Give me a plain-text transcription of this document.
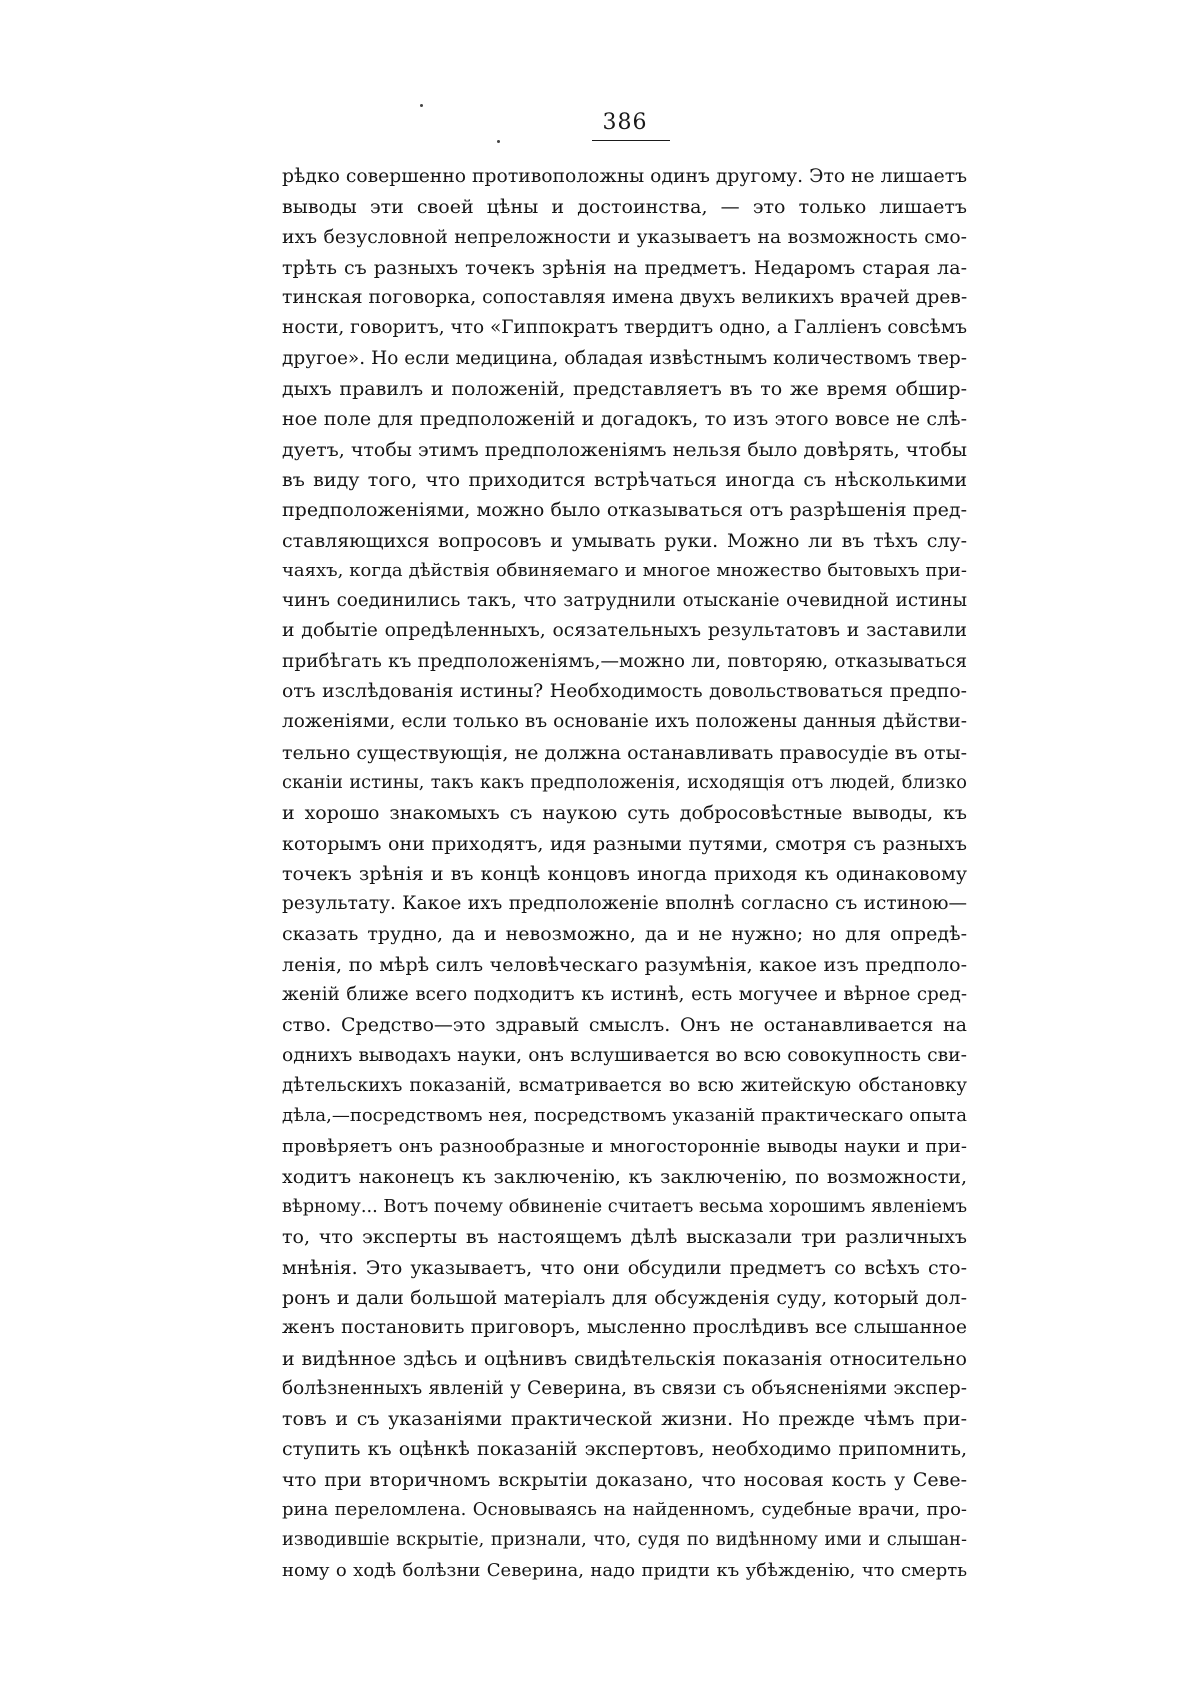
386
рѣдко совершенно противоположны одинъ другому. Это не лишаетъ
выводы эти своей цѣны и достоинства, — это только лишаетъ
ихъ безусловной непреложности и указываетъ на возможность смо-
трѣть съ разныхъ точекъ зрѣнія на предметъ. Недаромъ старая ла-
тинская поговорка, сопоставляя имена двухъ великихъ врачей древ-
ности, говоритъ, что «Гиппократъ твердитъ одно, а Галліенъ совсѣмъ
другое». Но если медицина, обладая извѣстнымъ количествомъ твер-
дыхъ правилъ и положеній, представляетъ въ то же время обшир-
ное поле для предположеній и догадокъ, то изъ этого вовсе не слѣ-
дуетъ, чтобы этимъ предположеніямъ нельзя было довѣрять, чтобы
въ виду того, что приходится встрѣчаться иногда съ нѣсколькими
предположеніями, можно было отказываться отъ разрѣшенія пред-
ставляющихся вопросовъ и умывать руки. Можно ли въ тѣхъ слу-
чаяхъ, когда дѣйствія обвиняемаго и многое множество бытовыхъ при-
чинъ соединились такъ, что затруднили отысканіе очевидной истины
и добытіе опредѣленныхъ, осязательныхъ результатовъ и заставили
прибѣгать къ предположеніямъ,—можно ли, повторяю, отказываться
отъ изслѣдованія истины? Необходимость довольствоваться предпо-
ложеніями, если только въ основаніе ихъ положены данныя дѣйстви-
тельно существующія, не должна останавливать правосудіе въ оты-
сканіи истины, такъ какъ предположенія, исходящія отъ людей, близко
и хорошо знакомыхъ съ наукою суть добросовѣстные выводы, къ
которымъ они приходятъ, идя разными путями, смотря съ разныхъ
точекъ зрѣнія и въ концѣ концовъ иногда приходя къ одинаковому
результату. Какое ихъ предположеніе вполнѣ согласно съ истиною—
сказать трудно, да и невозможно, да и не нужно; но для опредѣ-
ленія, по мѣрѣ силъ человѣческаго разумѣнія, какое изъ предполо-
женій ближе всего подходитъ къ истинѣ, есть могучее и вѣрное сред-
ство. Средство—это здравый смыслъ. Онъ не останавливается на
однихъ выводахъ науки, онъ вслушивается во всю совокупность сви-
дѣтельскихъ показаній, всматривается во всю житейскую обстановку
дѣла,—посредствомъ нея, посредствомъ указаній практическаго опыта
провѣряетъ онъ разнообразные и многосторонніе выводы науки и при-
ходитъ наконецъ къ заключенію, къ заключенію, по возможности,
вѣрному... Вотъ почему обвиненіе считаетъ весьма хорошимъ явленіемъ
то, что эксперты въ настоящемъ дѣлѣ высказали три различныхъ
мнѣнія. Это указываетъ, что они обсудили предметъ со всѣхъ сто-
ронъ и дали большой матеріалъ для обсужденія суду, который дол-
женъ постановить приговоръ, мысленно прослѣдивъ все слышанное
и видѣнное здѣсь и оцѣнивъ свидѣтельскія показанія относительно
болѣзненныхъ явленій у Северина, въ связи съ объясненіями экспер-
товъ и съ указаніями практической жизни. Но прежде чѣмъ при-
ступить къ оцѣнкѣ показаній экспертовъ, необходимо припомнить,
что при вторичномъ вскрытіи доказано, что носовая кость у Севе-
рина переломлена. Основываясь на найденномъ, судебные врачи, про-
изводившіе вскрытіе, признали, что, судя по видѣнному ими и слышан-
ному о ходѣ болѣзни Северина, надо придти къ убѣжденію, что смерть
